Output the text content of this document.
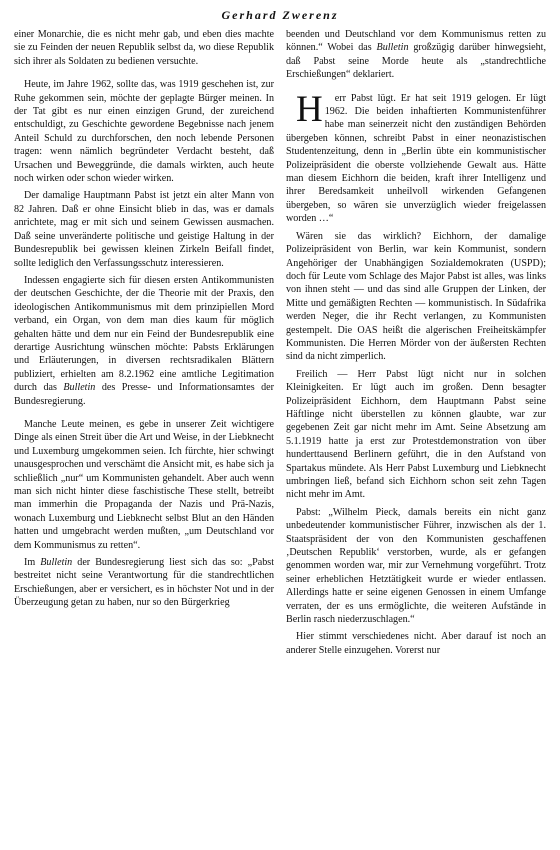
Gerhard Zwerenz

einer Monarchie, die es nicht mehr gab, und eben dies machte sie zu Feinden der neuen Republik selbst da, wo diese Republik sich ihrer als Soldaten zu bedienen versuchte.

Heute, im Jahre 1962, sollte das, was 1919 geschehen ist, zur Ruhe gekommen sein, möchte der geplagte Bürger meinen. In der Tat gibt es nur einen einzigen Grund, der zureichend entschuldigt, zu Geschichte gewordene Begebnisse nach jenem Anteil Schuld zu durchforschen, den noch lebende Personen tragen: wenn nämlich begründeter Verdacht besteht, daß Ursachen und Beweggründe, die damals wirkten, auch heute noch wirken oder schon wieder wirken.

Der damalige Hauptmann Pabst ist jetzt ein alter Mann von 82 Jahren. Daß er ohne Einsicht blieb in das, was er damals anrichtete, mag er mit sich und seinem Gewissen ausmachen. Daß seine unveränderte politische und geistige Haltung in der Bundesrepublik bei gewissen kleinen Zirkeln Beifall findet, sollte lediglich den Verfassungsschutz interessieren.

Indessen engagierte sich für diesen ersten Antikommunisten der deutschen Geschichte, der die Theorie mit der Praxis, den ideologischen Antikommunismus mit dem prinzipiellen Mord verband, ein Organ, von dem man dies kaum für möglich gehalten hätte und dem nur ein Feind der Bundesrepublik eine derartige Ausrichtung wünschen möchte: Pabsts Erklärungen und Erläuterungen, in diversen rechtsradikalen Blättern publiziert, erhielten am 8.2.1962 eine amtliche Legitimation durch das Bulletin des Presse- und Informationsamtes der Bundesregierung.

Manche Leute meinen, es gebe in unserer Zeit wichtigere Dinge als einen Streit über die Art und Weise, in der Liebknecht und Luxemburg umgekommen seien. Ich fürchte, hier schwingt unausgesprochen und verschämt die Ansicht mit, es habe sich ja schließlich „nur“ um Kommunisten gehandelt. Aber auch wenn man sich nicht hinter diese faschistische These stellt, betreibt man immerhin die Propaganda der Nazis und Prä-Nazis, wonach Luxemburg und Liebknecht selbst Blut an den Händen hatten und umgebracht werden mußten, „um Deutschland vor dem Kommunismus zu retten“.

Im Bulletin der Bundesregierung liest sich das so: „Pabst bestreitet nicht seine Verantwortung für die standrechtlichen Erschießungen, aber er versichert, es in höchster Not und in der Überzeugung getan zu haben, nur so den Bürgerkrieg

beenden und Deutschland vor dem Kommunismus retten zu können.“ Wobei das Bulletin großzügig darüber hinwegsieht, daß Pabst seine Morde heute als „standrechtliche Erschießungen“ deklariert.

H err Pabst lügt. Er hat seit 1919 gelogen. Er lügt 1962. Die beiden inhaftierten Kommunistenführer habe man seinerzeit nicht den zuständigen Behörden übergeben können, schreibt Pabst in einer neonazistischen Studentenzeitung, denn in „Berlin übte ein kommunistischer Polizeipräsident die oberste vollziehende Gewalt aus. Hätte man diesem Eichhorn die beiden, kraft ihrer Intelligenz und ihrer Beredsamkeit unheilvoll wirkenden Gefangenen übergeben, so wären sie unverzüglich wieder freigelassen worden …“

Wären sie das wirklich? Eichhorn, der damalige Polizeipräsident von Berlin, war kein Kommunist, sondern Angehöriger der Unabhängigen Sozialdemokraten (USPD); doch für Leute vom Schlage des Major Pabst ist alles, was links von ihnen steht — und das sind alle Gruppen der Linken, der Mitte und gemäßigten Rechten — kommunistisch. In Südafrika werden Neger, die ihr Recht verlangen, zu Kommunisten gestempelt. Die OAS heißt die algerischen Freiheitskämpfer Kommunisten. Die Herren Mörder von der äußersten Rechten sind da nicht zimperlich.

Freilich — Herr Pabst lügt nicht nur in solchen Kleinigkeiten. Er lügt auch im großen. Denn besagter Polizeipräsident Eichhorn, dem Hauptmann Pabst seine Häftlinge nicht überstellen zu können glaubte, war zur gegebenen Zeit gar nicht mehr im Amt. Seine Absetzung am 5.1.1919 hatte ja erst zur Protestdemonstration von über hunderttausend Berlinern geführt, die in den Aufstand von Spartakus mündete. Als Herr Pabst Luxemburg und Liebknecht umbringen ließ, befand sich Eichhorn schon seit zehn Tagen nicht mehr im Amt.

Pabst: „Wilhelm Pieck, damals bereits ein nicht ganz unbedeutender kommunistischer Führer, inzwischen als der 1. Staatspräsident der von den Kommunisten geschaffenen ‚Deutschen Republik‘ verstorben, wurde, als er gefangen genommen worden war, mir zur Vernehmung vorgeführt. Trotz seiner erheblichen Hetztätigkeit wurde er wieder entlassen. Allerdings hatte er seine eigenen Genossen in einem Umfange verraten, der es uns ermöglichte, die weiteren Aufstände in Berlin rasch niederzuschlagen.“

Hier stimmt verschiedenes nicht. Aber darauf ist noch an anderer Stelle einzugehen. Vorerst nur
